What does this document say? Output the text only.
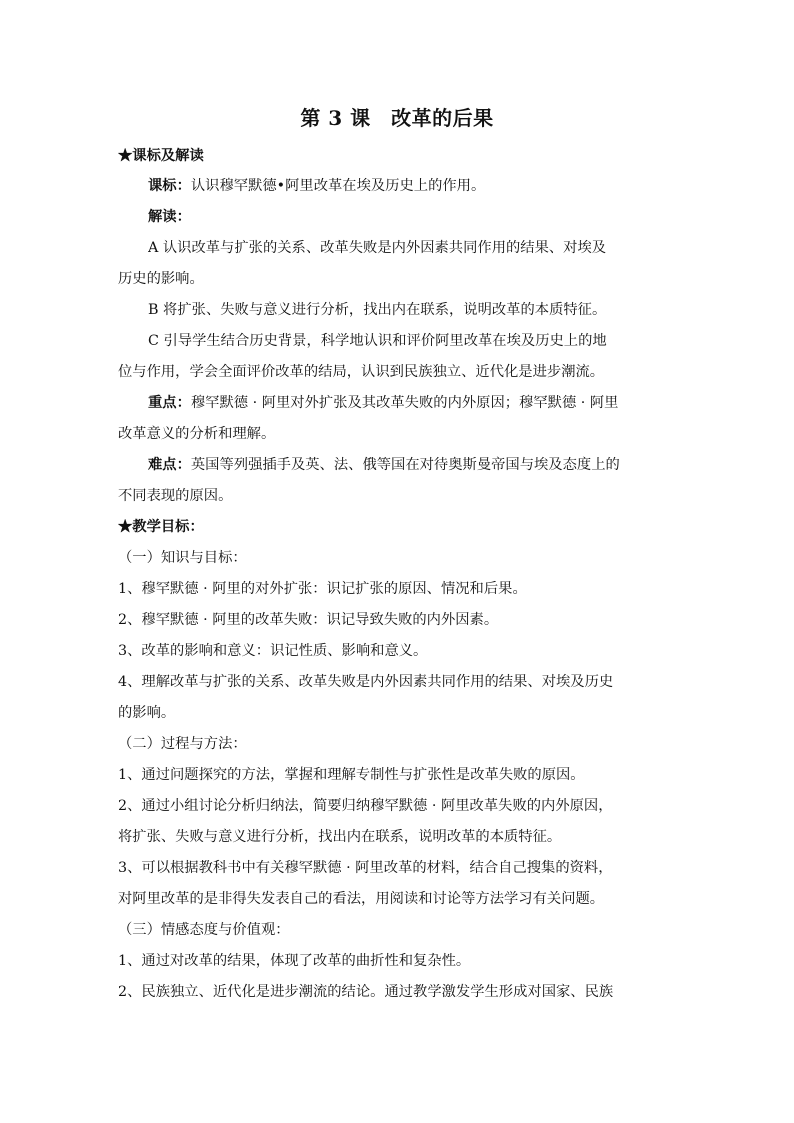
第 3 课　改革的后果
★课标及解读
课标：认识穆罕默德•阿里改革在埃及历史上的作用。
解读：
A 认识改革与扩张的关系、改革失败是内外因素共同作用的结果、对埃及
历史的影响。
B 将扩张、失败与意义进行分析，找出内在联系，说明改革的本质特征。
C 引导学生结合历史背景，科学地认识和评价阿里改革在埃及历史上的地
位与作用，学会全面评价改革的结局，认识到民族独立、近代化是进步潮流。
重点：穆罕默德 · 阿里对外扩张及其改革失败的内外原因；穆罕默德 · 阿里
改革意义的分析和理解。
难点：英国等列强插手及英、法、俄等国在对待奥斯曼帝国与埃及态度上的
不同表现的原因。
★教学目标：
（一）知识与目标：
1、穆罕默德 · 阿里的对外扩张：识记扩张的原因、情况和后果。
2、穆罕默德 · 阿里的改革失败：识记导致失败的内外因素。
3、改革的影响和意义：识记性质、影响和意义。
4、理解改革与扩张的关系、改革失败是内外因素共同作用的结果、对埃及历史
的影响。
（二）过程与方法：
1、通过问题探究的方法，掌握和理解专制性与扩张性是改革失败的原因。
2、通过小组讨论分析归纳法，简要归纳穆罕默德 · 阿里改革失败的内外原因，
将扩张、失败与意义进行分析，找出内在联系，说明改革的本质特征。
3、可以根据教科书中有关穆罕默德 · 阿里改革的材料，结合自己搜集的资料，
对阿里改革的是非得失发表自己的看法，用阅读和讨论等方法学习有关问题。
（三）情感态度与价值观：
1、通过对改革的结果，体现了改革的曲折性和复杂性。
2、民族独立、近代化是进步潮流的结论。通过教学激发学生形成对国家、民族
